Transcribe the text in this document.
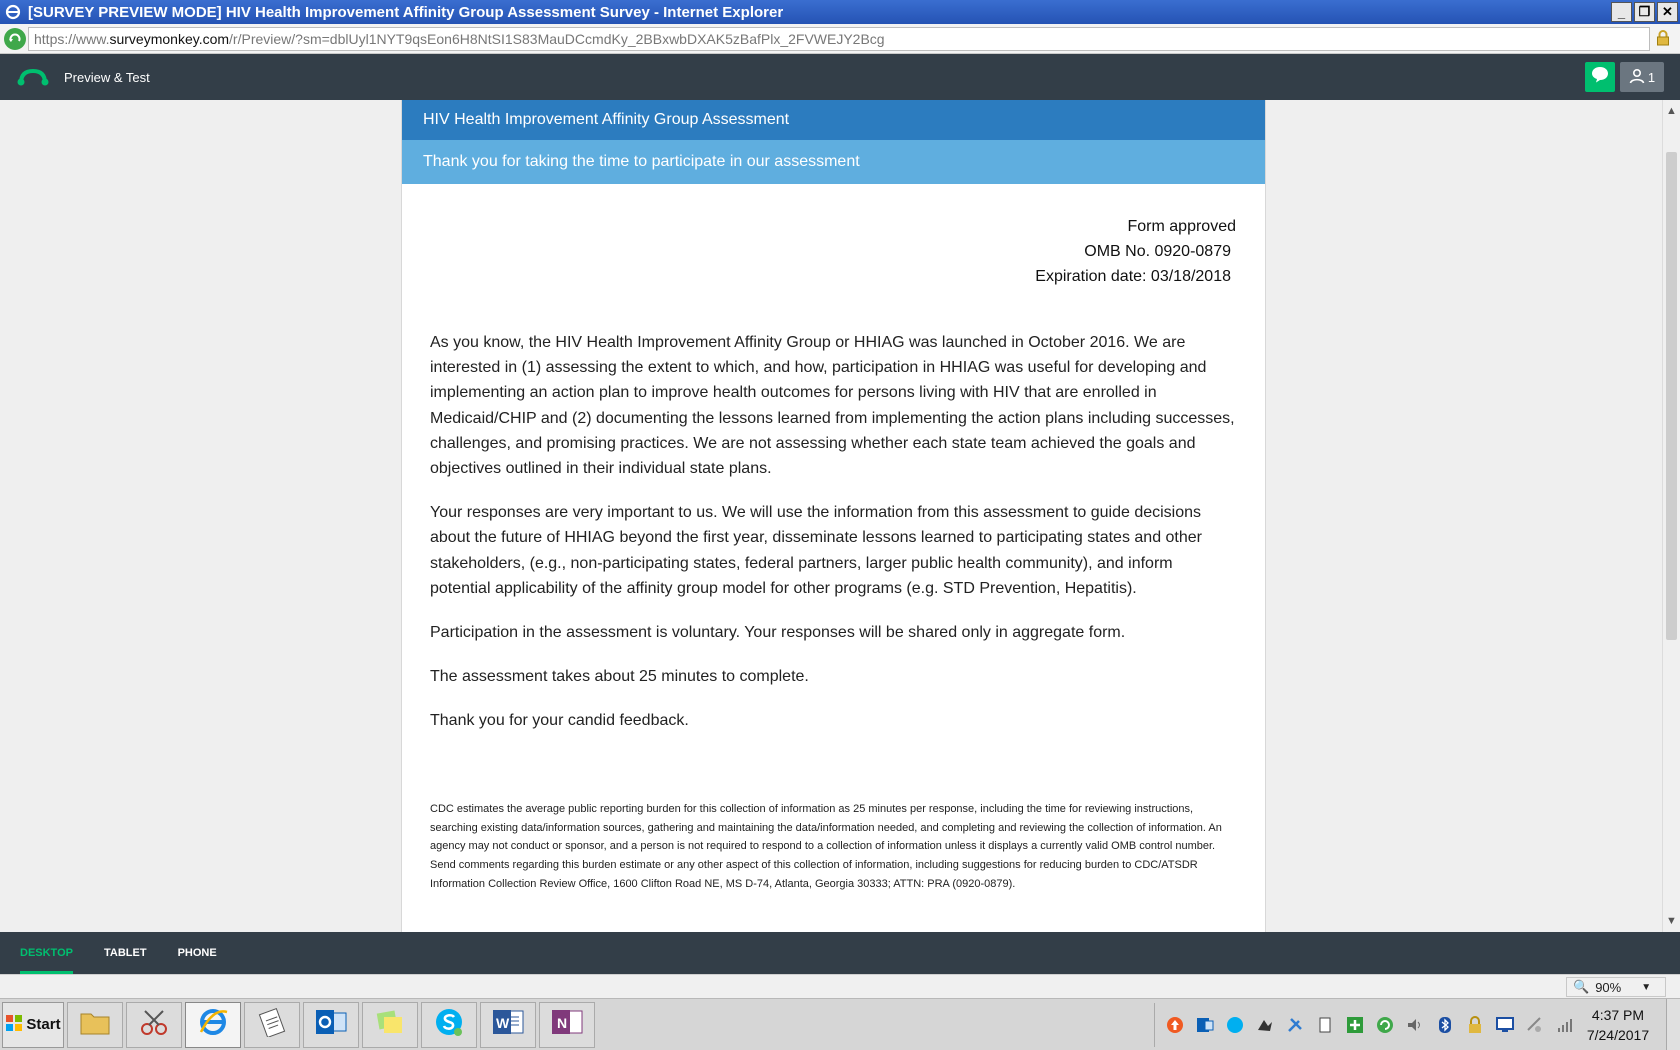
[SURVEY PREVIEW MODE] HIV Health Improvement Affinity Group Assessment Survey - Internet Explorer	_ ❐ ✕
https://www.surveymonkey.com/r/Preview/?sm=dblUyl1NYT9qsEon6H8NtSI1S83MauDCcmdKy_2BBxwbDXAK5zBafPlx_2FVWEJY2Bcg
Preview & Test	1
HIV Health Improvement Affinity Group Assessment
Thank you for taking the time to participate in our assessment
Form approved
OMB No. 0920-0879
Expiration date: 03/18/2018

As you know, the HIV Health Improvement Affinity Group or HHIAG was launched in October 2016. We are interested in (1) assessing the extent to which, and how, participation in HHIAG was useful for developing and implementing an action plan to improve health outcomes for persons living with HIV that are enrolled in Medicaid/CHIP and (2) documenting the lessons learned from implementing the action plans including successes, challenges, and promising practices. We are not assessing whether each state team achieved the goals and objectives outlined in their individual state plans.

Your responses are very important to us. We will use the information from this assessment to guide decisions about the future of HHIAG beyond the first year, disseminate lessons learned to participating states and other stakeholders, (e.g., non-participating states, federal partners, larger public health community), and inform potential applicability of the affinity group model for other programs (e.g. STD Prevention, Hepatitis).

Participation in the assessment is voluntary. Your responses will be shared only in aggregate form.

The assessment takes about 25 minutes to complete.

Thank you for your candid feedback.

CDC estimates the average public reporting burden for this collection of information as 25 minutes per response, including the time for reviewing instructions, searching existing data/information sources, gathering and maintaining the data/information needed, and completing and reviewing the collection of information. An agency may not conduct or sponsor, and a person is not required to respond to a collection of information unless it displays a currently valid OMB control number. Send comments regarding this burden estimate or any other aspect of this collection of information, including suggestions for reducing burden to CDC/ATSDR Information Collection Review Office, 1600 Clifton Road NE, MS D-74, Atlanta, Georgia 30333; ATTN: PRA (0920-0879).
▲
▼
DESKTOP	TABLET	PHONE
🔍 90% ▼
Start	W	N	4:37 PM
7/24/2017
